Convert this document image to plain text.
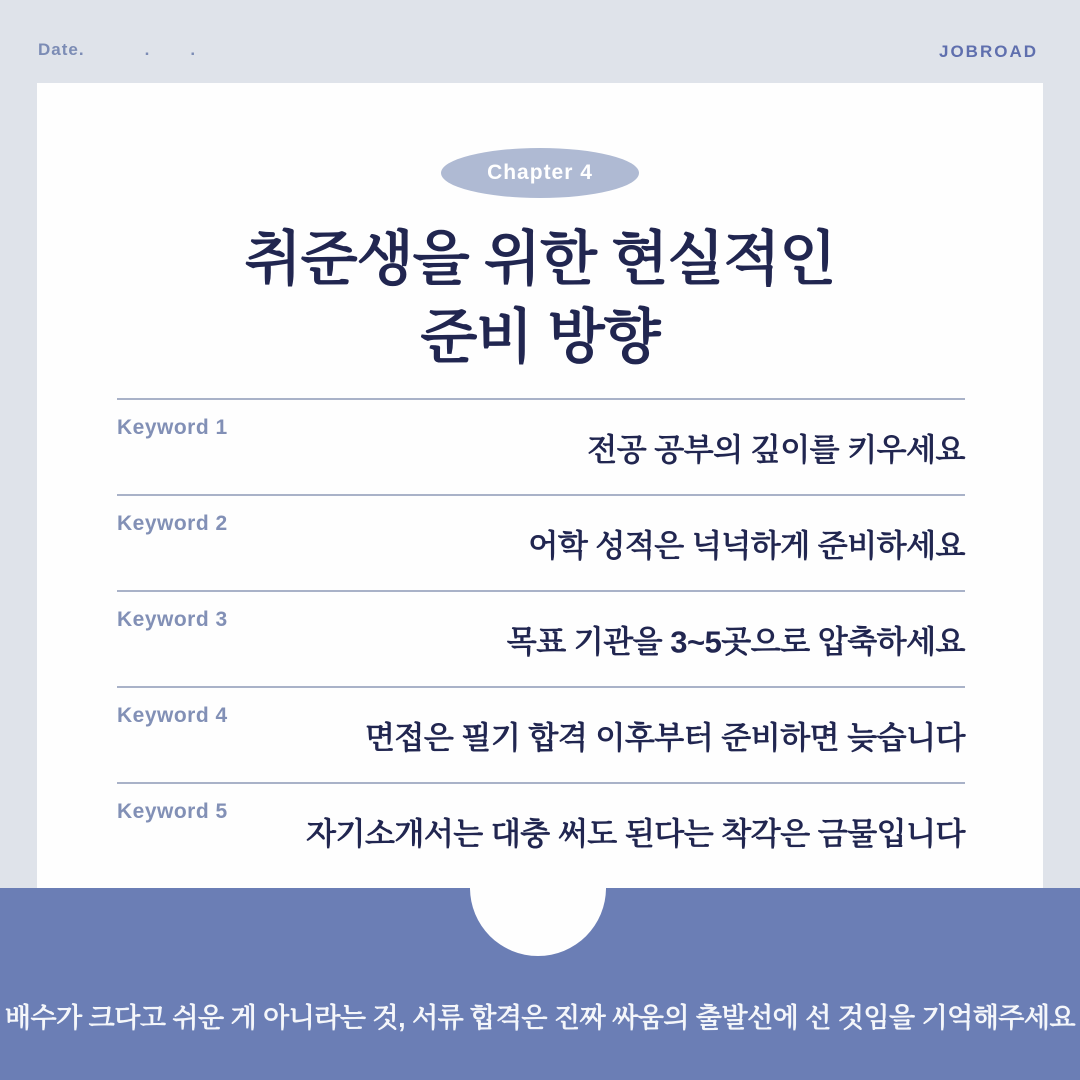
Date.	. .	JOBROAD
Chapter 4
취준생을 위한 현실적인
준비 방향
Keyword 1
전공 공부의 깊이를 키우세요
Keyword 2
어학 성적은 넉넉하게 준비하세요
Keyword 3
목표 기관을 3~5곳으로 압축하세요
Keyword 4
면접은 필기 합격 이후부터 준비하면 늦습니다
Keyword 5
자기소개서는 대충 써도 된다는 착각은 금물입니다
배수가 크다고 쉬운 게 아니라는 것, 서류 합격은 진짜 싸움의 출발선에 선 것임을 기억해주세요
